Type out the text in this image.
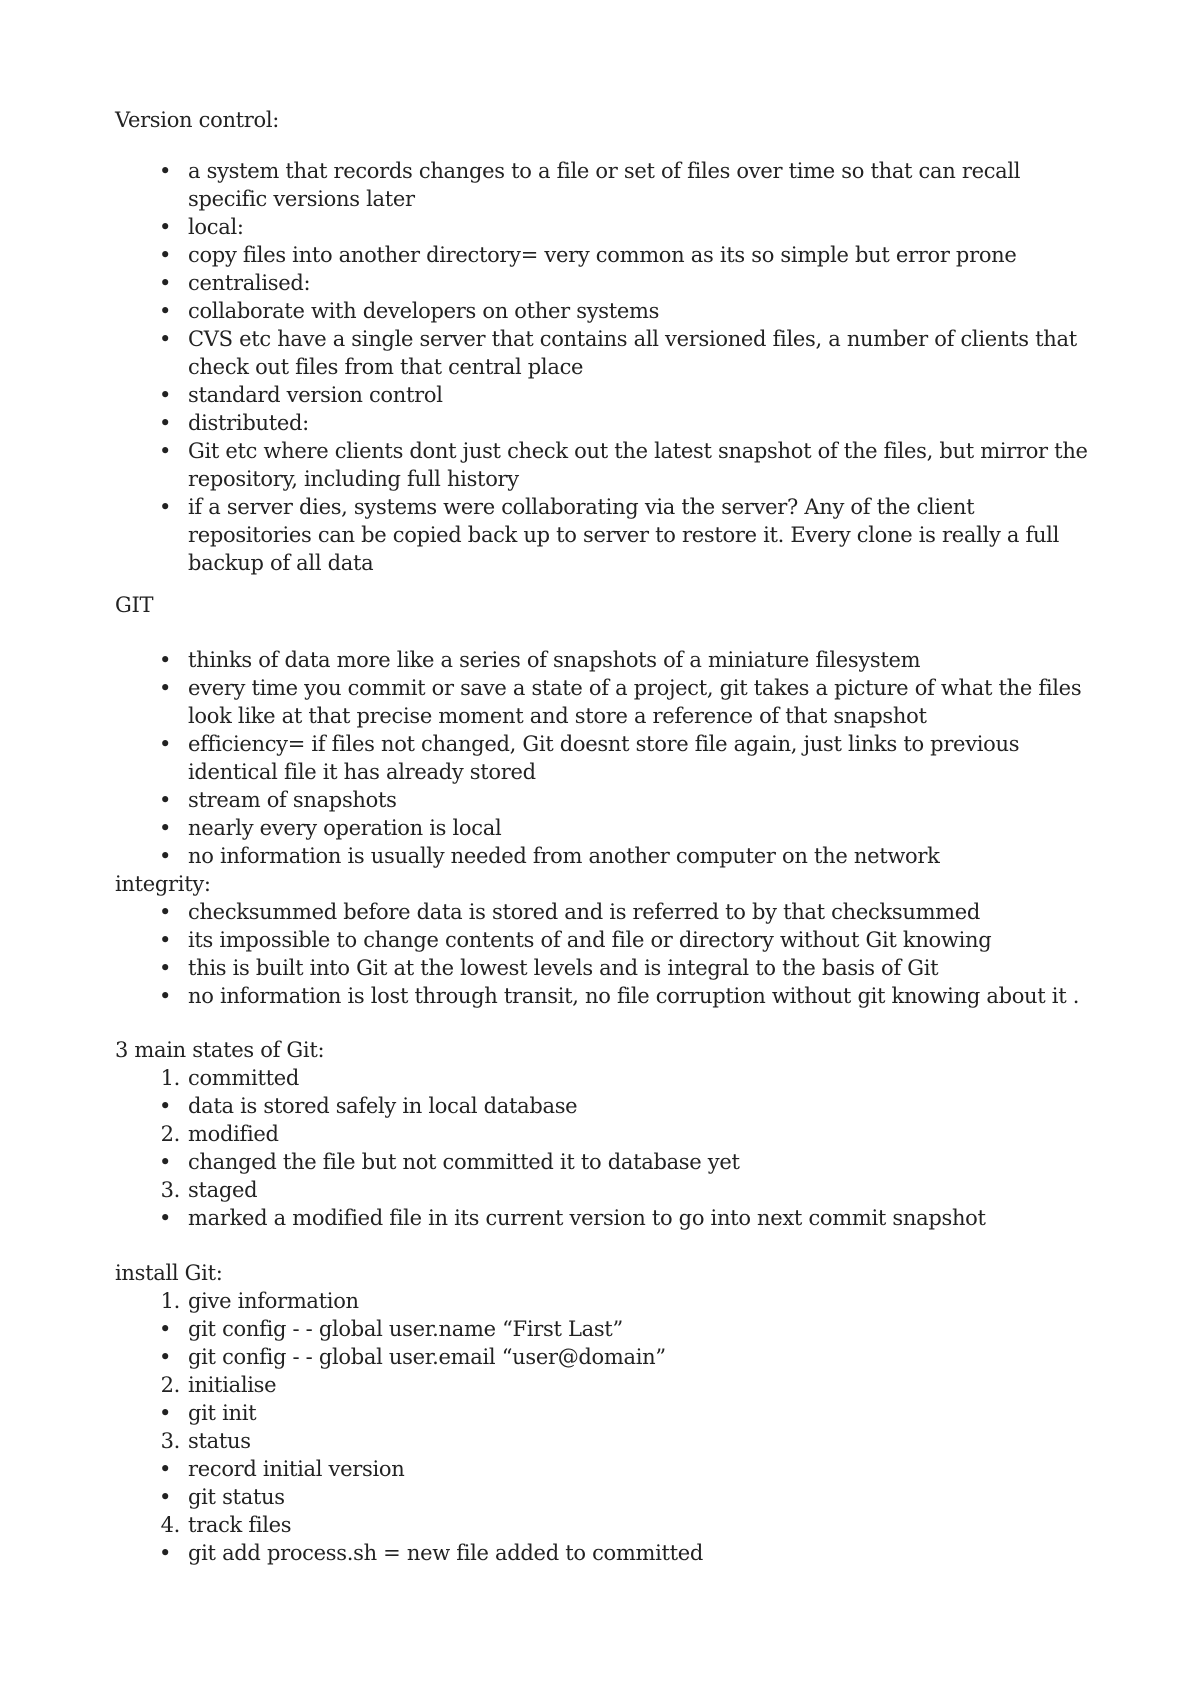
Version control:
• a system that records changes to a file or set of files over time so that can recall specific versions later
• local:
• copy files into another directory= very common as its so simple but error prone
• centralised:
• collaborate with developers on other systems
• CVS etc have a single server that contains all versioned files, a number of clients that check out files from that central place
• standard version control
• distributed:
• Git etc where clients dont just check out the latest snapshot of the files, but mirror the repository, including full history
• if a server dies, systems were collaborating via the server? Any of the client repositories can be copied back up to server to restore it. Every clone is really a full backup of all data
GIT
• thinks of data more like a series of snapshots of a miniature filesystem
• every time you commit or save a state of a project, git takes a picture of what the files look like at that precise moment and store a reference of that snapshot
• efficiency= if files not changed, Git doesnt store file again, just links to previous identical file it has already stored
• stream of snapshots
• nearly every operation is local
• no information is usually needed from another computer on the network
integrity:
• checksummed before data is stored and is referred to by that checksummed
• its impossible to change contents of and file or directory without Git knowing
• this is built into Git at the lowest levels and is integral to the basis of Git
• no information is lost through transit, no file corruption without git knowing about it .
3 main states of Git:
1. committed
• data is stored safely in local database
2. modified
• changed the file but not committed it to database yet
3. staged
• marked a modified file in its current version to go into next commit snapshot
install Git:
1. give information
• git config - - global user.name “First Last”
• git config - - global user.email “user@domain”
2. initialise
• git init
3. status
• record initial version
• git status
4. track files
• git add process.sh = new file added to committed
